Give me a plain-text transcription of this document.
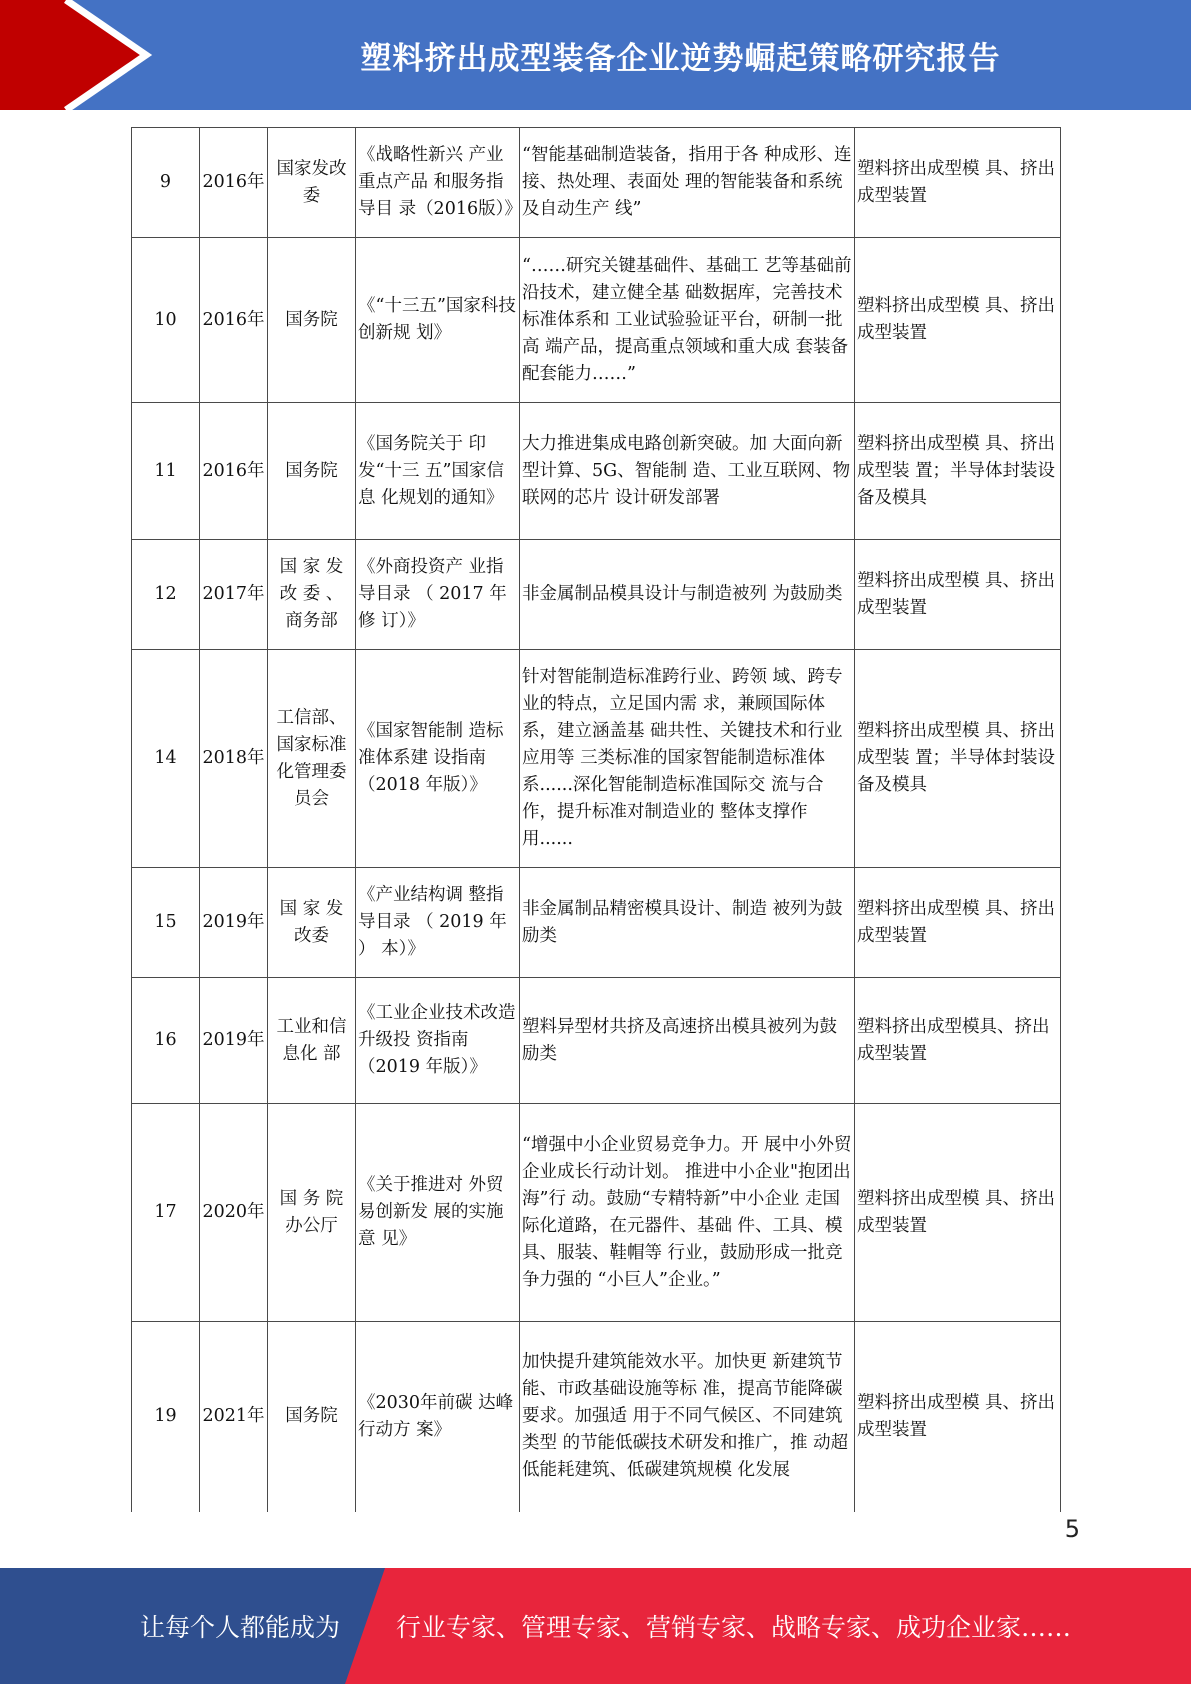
塑料挤出成型装备企业逆势崛起策略研究报告
9	2016年	国家发改委	《战略性新兴 产业重点产品 和服务指导目 录（2016版）》	“智能基础制造装备，指用于各 种成形、连接、热处理、表面处 理的智能装备和系统及自动生产 线”	塑料挤出成型模 具、挤出成型装置
10	2016年	国务院	《“十三五”国家科技创新规 划》	“……研究关键基础件、基础工 艺等基础前沿技术，建立健全基 础数据库，完善技术标准体系和 工业试验验证平台，研制一批高 端产品，提高重点领域和重大成 套装备配套能力……”	塑料挤出成型模 具、挤出成型装置
11	2016年	国务院	《国务院关于 印发“十三 五”国家信息 化规划的通知》	大力推进集成电路创新突破。加 大面向新型计算、5G、智能制 造、工业互联网、物联网的芯片 设计研发部署	塑料挤出成型模 具、挤出成型装 置；半导体封装设 备及模具
12	2017年	国 家 发 改 委 、 商务部	《外商投资产 业指导目录 （ 2017 年 修 订）》	非金属制品模具设计与制造被列 为鼓励类	塑料挤出成型模 具、挤出成型装置
14	2018年	工信部、国家标准化管理委员会	《国家智能制 造标准体系建 设指南（2018 年版）》	针对智能制造标准跨行业、跨领 域、跨专业的特点，立足国内需 求，兼顾国际体系，建立涵盖基 础共性、关键技术和行业应用等 三类标准的国家智能制造标准体 系......深化智能制造标准国际交 流与合作，提升标准对制造业的 整体支撑作用......	塑料挤出成型模 具、挤出成型装 置；半导体封装设 备及模具
15	2019年	国 家 发 改委	《产业结构调 整指导目录 （ 2019 年 ） 本）》	非金属制品精密模具设计、制造 被列为鼓励类	塑料挤出成型模 具、挤出成型装置
16	2019年	工业和信息化 部	《工业企业技术改造升级投 资指南（2019 年版）》	塑料异型材共挤及高速挤出模具被列为鼓励类	塑料挤出成型模具、挤出成型装置
17	2020年	国 务 院 办公厅	《关于推进对 外贸易创新发 展的实施意 见》	“增强中小企业贸易竞争力。开 展中小外贸企业成长行动计划。 推进中小企业"抱团出海”行 动。鼓励“专精特新”中小企业 走国际化道路，在元器件、基础 件、工具、模具、服装、鞋帽等 行业，鼓励形成一批竞争力强的 “小巨人”企业。”	塑料挤出成型模 具、挤出成型装置
19	2021年	国务院	《2030年前碳 达峰行动方 案》	加快提升建筑能效水平。加快更 新建筑节能、市政基础设施等标 准，提高节能降碳要求。加强适 用于不同气候区、不同建筑类型 的节能低碳技术研发和推广，推 动超低能耗建筑、低碳建筑规模 化发展	塑料挤出成型模 具、挤出成型装置
5
让每个人都能成为 行业专家、管理专家、营销专家、战略专家、成功企业家……
